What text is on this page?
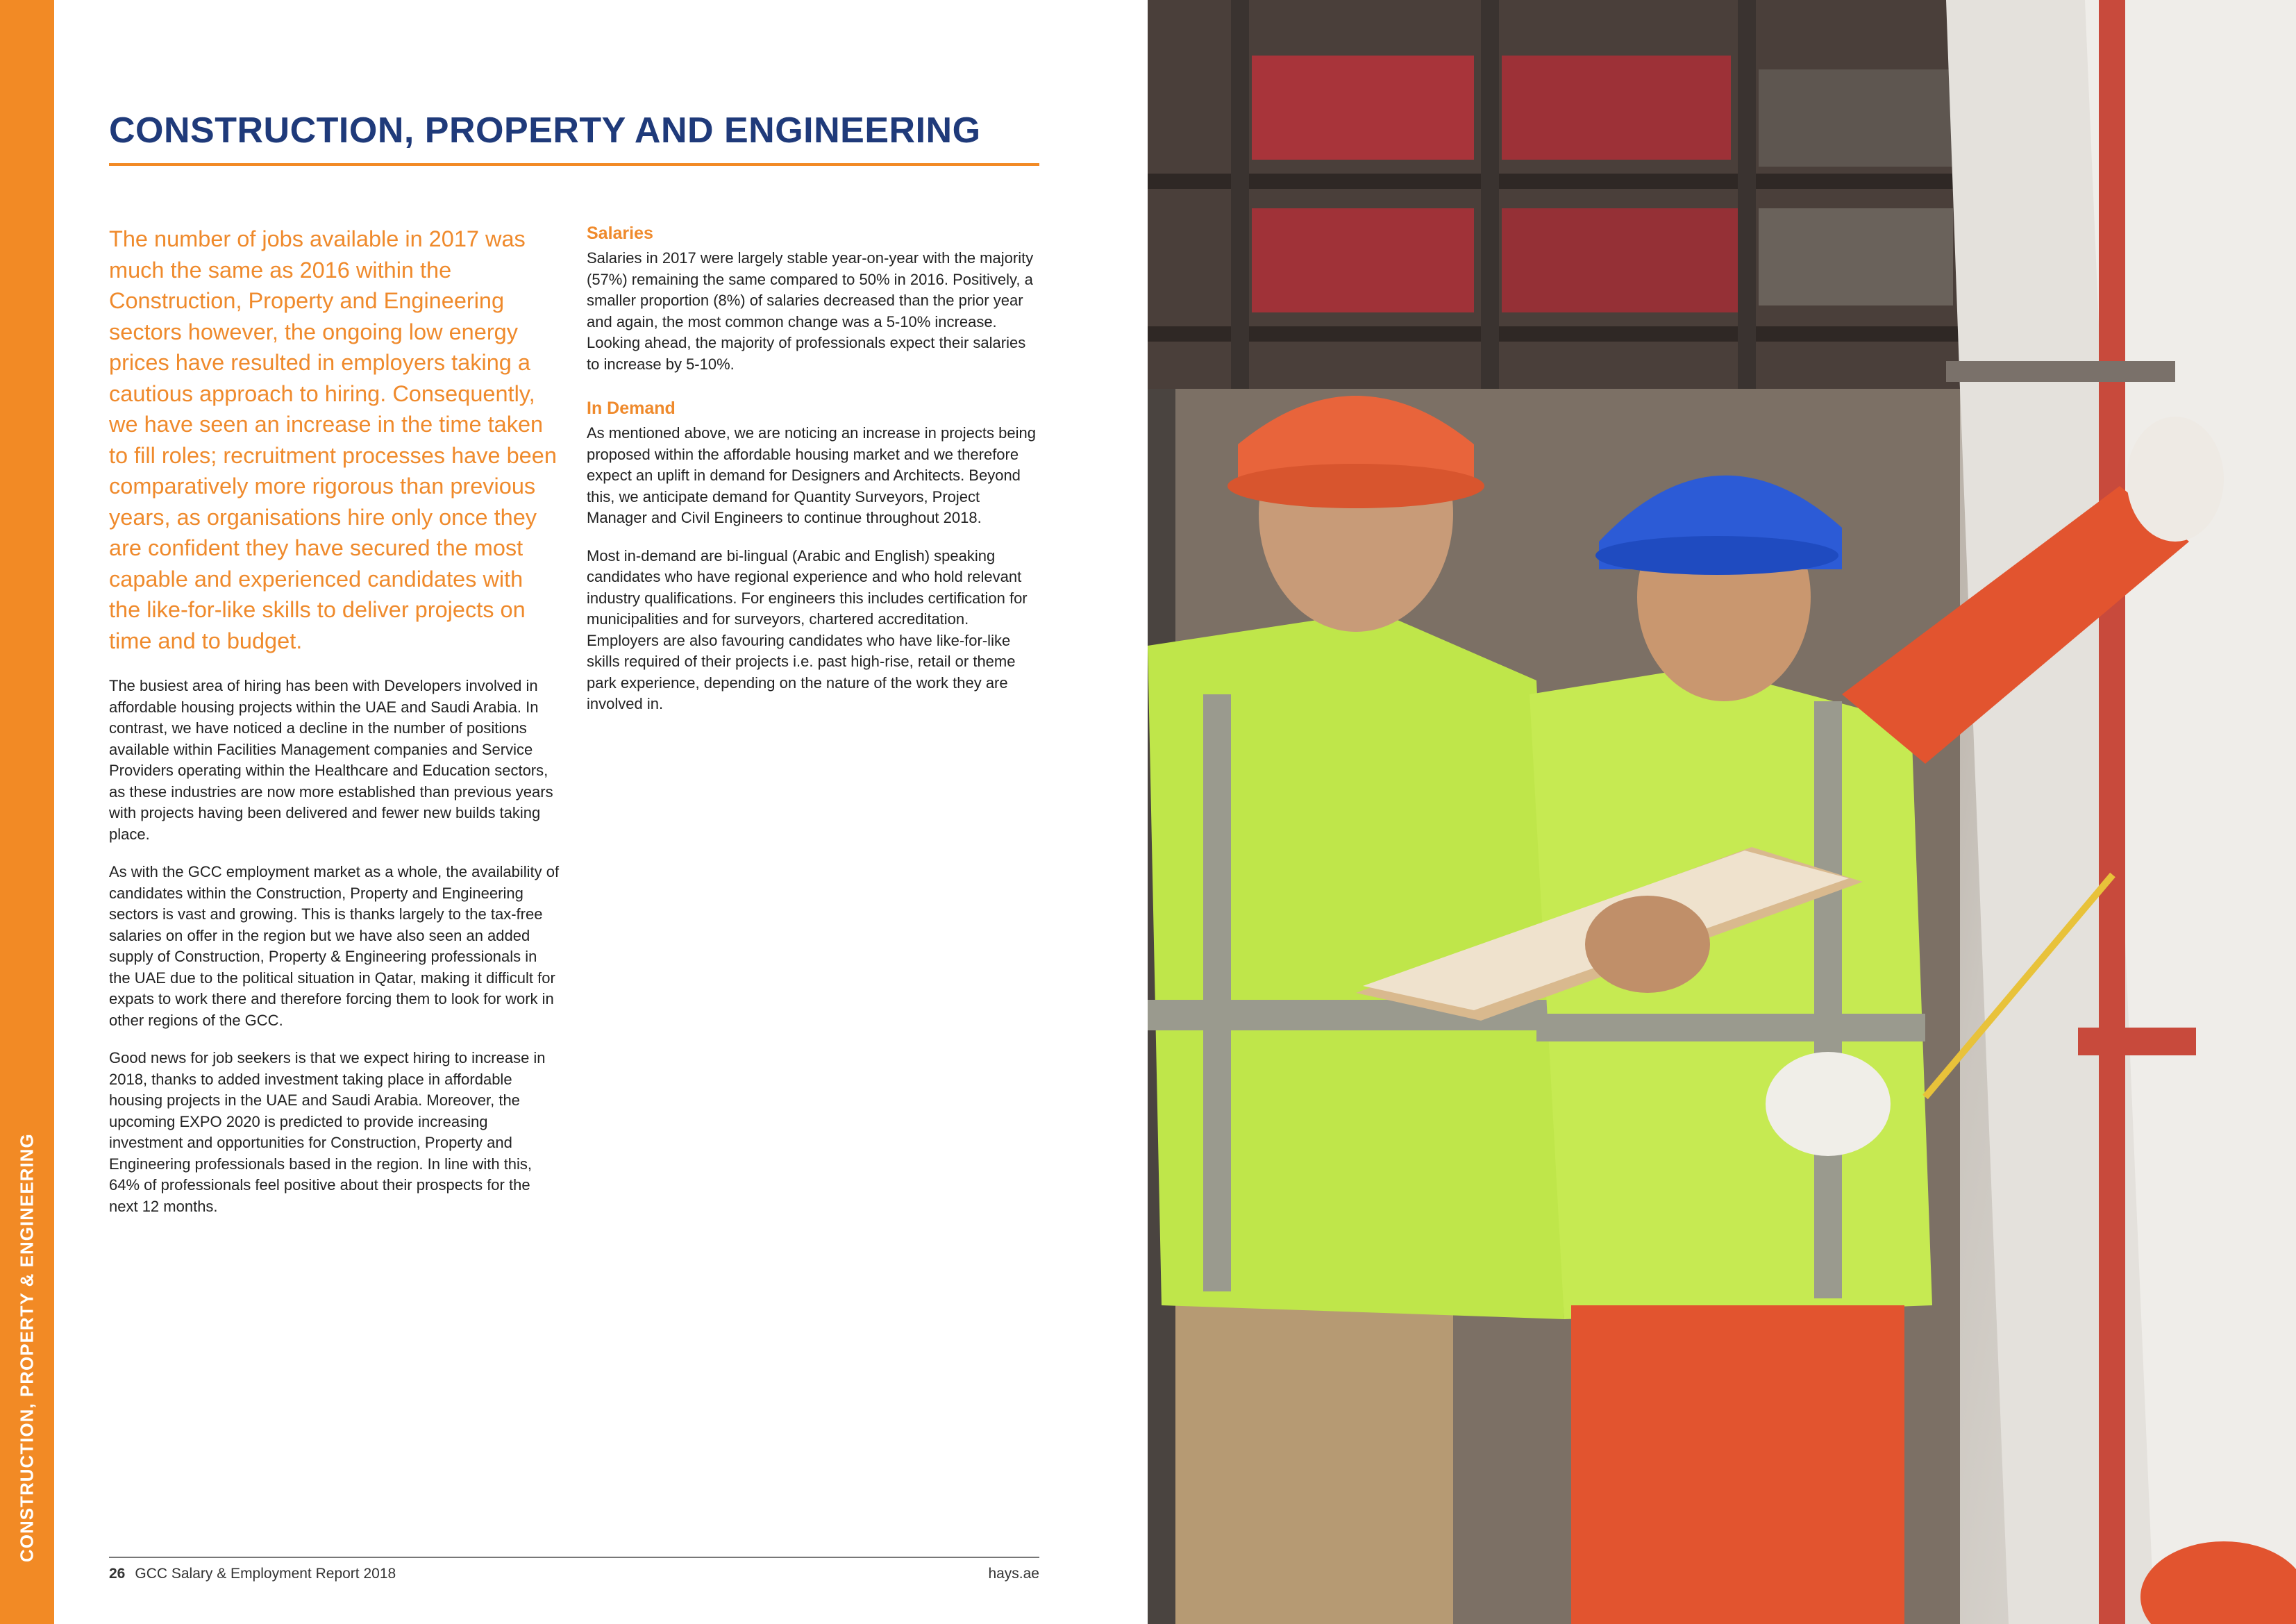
CONSTRUCTION, PROPERTY & ENGINEERING
CONSTRUCTION, PROPERTY AND ENGINEERING

The number of jobs available in 2017 was much the same as 2016 within the Construction, Property and Engineering sectors however, the ongoing low energy prices have resulted in employers taking a cautious approach to hiring. Consequently, we have seen an increase in the time taken to fill roles; recruitment processes have been comparatively more rigorous than previous years, as organisations hire only once they are confident they have secured the most capable and experienced candidates with the like-for-like skills to deliver projects on time and to budget.

The busiest area of hiring has been with Developers involved in affordable housing projects within the UAE and Saudi Arabia. In contrast, we have noticed a decline in the number of positions available within Facilities Management companies and Service Providers operating within the Healthcare and Education sectors, as these industries are now more established than previous years with projects having been delivered and fewer new builds taking place.

As with the GCC employment market as a whole, the availability of candidates within the Construction, Property and Engineering sectors is vast and growing. This is thanks largely to the tax-free salaries on offer in the region but we have also seen an added supply of Construction, Property & Engineering professionals in the UAE due to the political situation in Qatar, making it difficult for expats to work there and therefore forcing them to look for work in other regions of the GCC.

Good news for job seekers is that we expect hiring to increase in 2018, thanks to added investment taking place in affordable housing projects in the UAE and Saudi Arabia. Moreover, the upcoming EXPO 2020 is predicted to provide increasing investment and opportunities for Construction, Property and Engineering professionals based in the region. In line with this, 64% of professionals feel positive about their prospects for the next 12 months.

Salaries

Salaries in 2017 were largely stable year-on-year with the majority (57%) remaining the same compared to 50% in 2016. Positively, a smaller proportion (8%) of salaries decreased than the prior year and again, the most common change was a 5-10% increase. Looking ahead, the majority of professionals expect their salaries to increase by 5-10%.

In Demand

As mentioned above, we are noticing an increase in projects being proposed within the affordable housing market and we therefore expect an uplift in demand for Designers and Architects. Beyond this, we anticipate demand for Quantity Surveyors, Project Manager and Civil Engineers to continue throughout 2018.

Most in-demand are bi-lingual (Arabic and English) speaking candidates who have regional experience and who hold relevant industry qualifications. For engineers this includes certification for municipalities and for surveyors, chartered accreditation. Employers are also favouring candidates who have like-for-like skills required of their projects i.e. past high-rise, retail or theme park experience, depending on the nature of the work they are involved in.

26 GCC Salary & Employment Report 2018	hays.ae
